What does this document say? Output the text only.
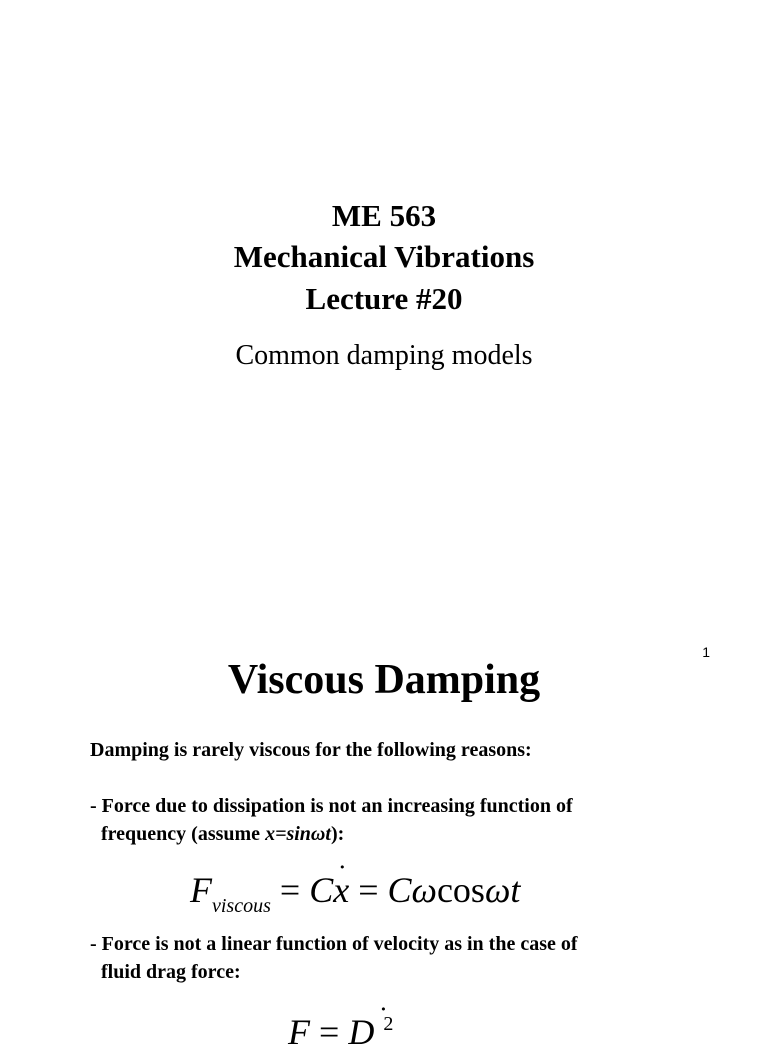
ME 563
Mechanical Vibrations
Lecture #20
Common damping models
1
Viscous Damping
Damping is rarely viscous for the following reasons:
- Force due to dissipation is not an increasing function of
frequency (assume x=sinωt):
$F_{viscous}$ = C˙ x = Cωcosωt
- Force is not a linear function of velocity as in the case of
fluid drag force:
F = D˙ $^2$
